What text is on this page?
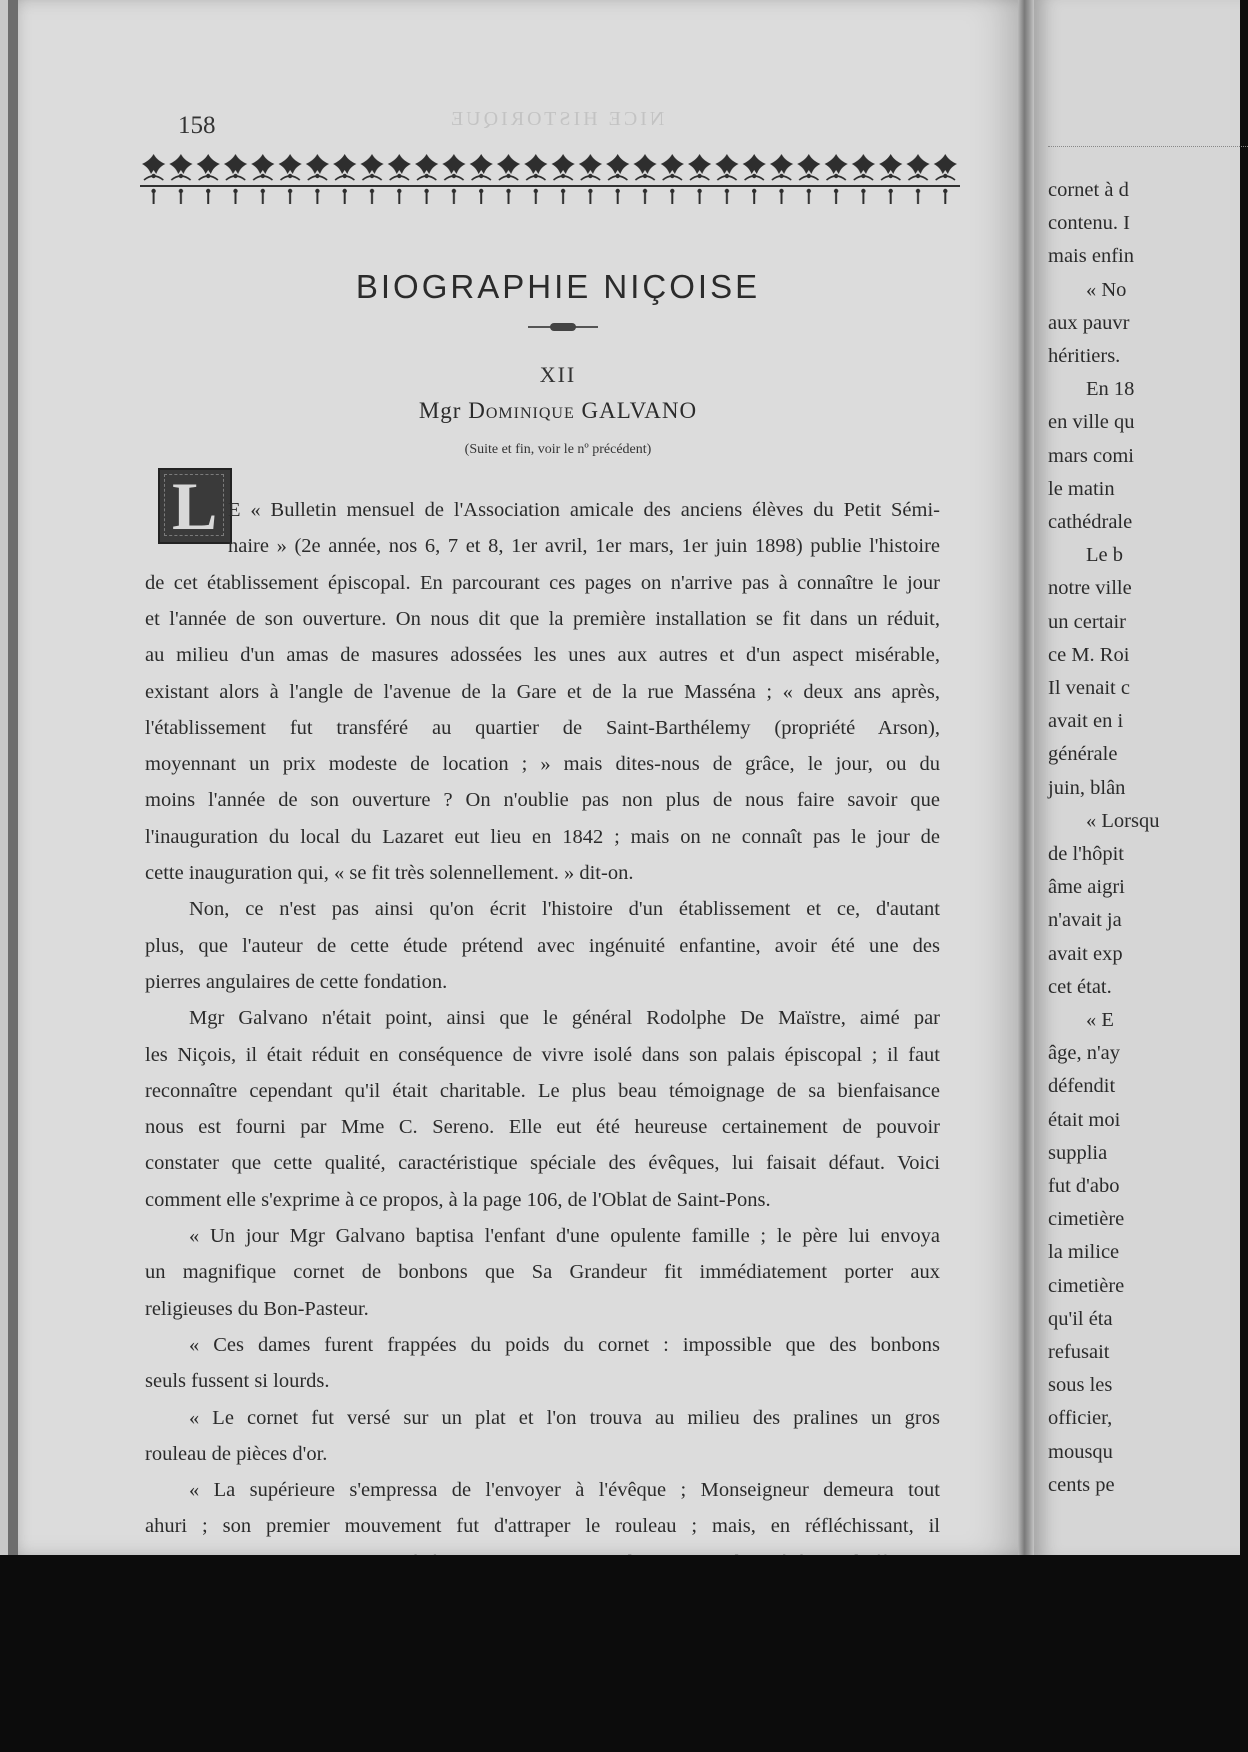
158	NICE HISTORIQUE
BIOGRAPHIE NIÇOISE
XII
Mgr Dominique GALVANO
(Suite et fin, voir le nº précédent)
L E « Bulletin mensuel de l'Association amicale des anciens élèves du Petit Sémi-
naire » (2e année, nos 6, 7 et 8, 1er avril, 1er mars, 1er juin 1898) publie l'histoire
de cet établissement épiscopal. En parcourant ces pages on n'arrive pas à connaître le jour
et l'année de son ouverture. On nous dit que la première installation se fit dans un réduit,
au milieu d'un amas de masures adossées les unes aux autres et d'un aspect misérable,
existant alors à l'angle de l'avenue de la Gare et de la rue Masséna ; « deux ans après,
l'établissement fut transféré au quartier de Saint-Barthélemy (propriété Arson),
moyennant un prix modeste de location ; » mais dites-nous de grâce, le jour, ou du
moins l'année de son ouverture ? On n'oublie pas non plus de nous faire savoir que
l'inauguration du local du Lazaret eut lieu en 1842 ; mais on ne connaît pas le jour de
cette inauguration qui, « se fit très solennellement. » dit-on.
Non, ce n'est pas ainsi qu'on écrit l'histoire d'un établissement et ce, d'autant
plus, que l'auteur de cette étude prétend avec ingénuité enfantine, avoir été une des
pierres angulaires de cette fondation.
Mgr Galvano n'était point, ainsi que le général Rodolphe De Maïstre, aimé par
les Niçois, il était réduit en conséquence de vivre isolé dans son palais épiscopal ; il faut
reconnaître cependant qu'il était charitable. Le plus beau témoignage de sa bienfaisance
nous est fourni par Mme C. Sereno. Elle eut été heureuse certainement de pouvoir
constater que cette qualité, caractéristique spéciale des évêques, lui faisait défaut. Voici
comment elle s'exprime à ce propos, à la page 106, de l'Oblat de Saint-Pons.
« Un jour Mgr Galvano baptisa l'enfant d'une opulente famille ; le père lui envoya
un magnifique cornet de bonbons que Sa Grandeur fit immédiatement porter aux
religieuses du Bon-Pasteur.
« Ces dames furent frappées du poids du cornet : impossible que des bonbons
seuls fussent si lourds.
« Le cornet fut versé sur un plat et l'on trouva au milieu des pralines un gros
rouleau de pièces d'or.
« La supérieure s'empressa de l'envoyer à l'évêque ; Monseigneur demeura tout
ahuri ; son premier mouvement fut d'attraper le rouleau ; mais, en réfléchissant, il
cornet à d
contenu. I
mais enfin
« No
aux pauvr
héritiers.
En 18
en ville qu
mars comi
le matin
cathédrale
Le b
notre ville
un certair
ce M. Roi
Il venait c
avait en i
générale
juin, blân
« Lorsqu
de l'hôpit
âme aigri
n'avait ja
avait exp
cet état.
« E
âge, n'ay
défendit
était moi
supplia
fut d'abo
cimetière
la milice
cimetière
qu'il éta
refusait
sous les
officier,
mousqu
cents pe
